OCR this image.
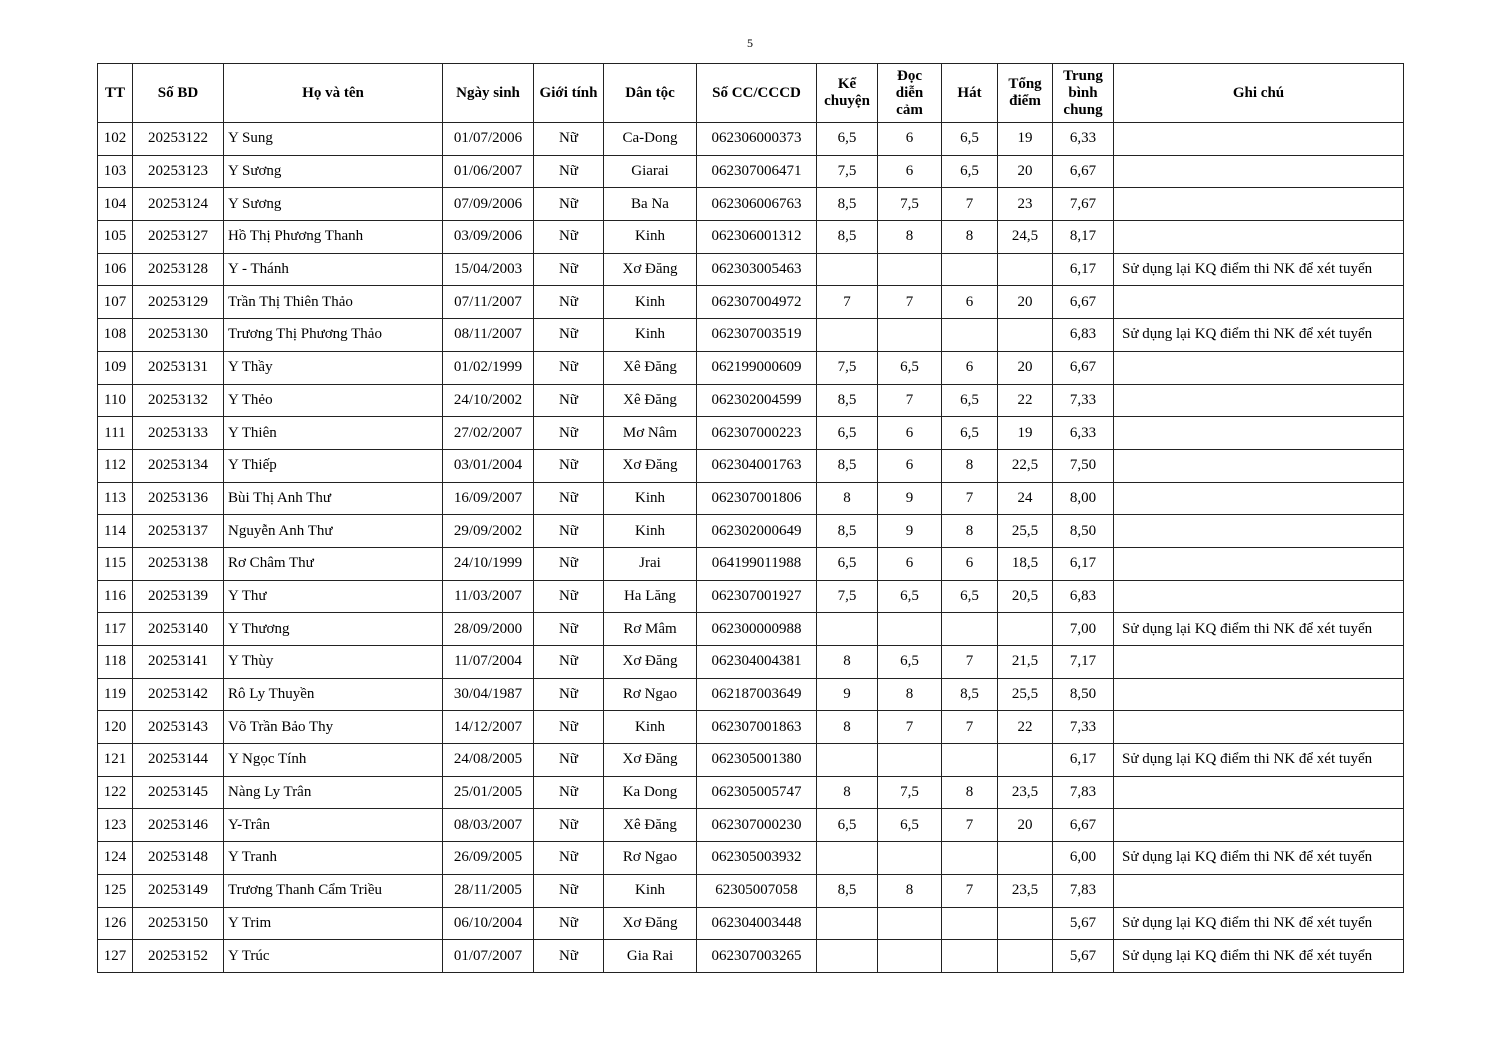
5
TT	Số BD	Họ và tên	Ngày sinh	Giới tính	Dân tộc	Số CC/CCCD	Kể
chuyện	Đọc
diễn
cảm	Hát	Tổng
điểm	Trung
bình
chung	Ghi chú
102	20253122	Y Sung	01/07/2006	Nữ	Ca-Dong	062306000373	6,5	6	6,5	19	6,33	
103	20253123	Y Sương	01/06/2007	Nữ	Giarai	062307006471	7,5	6	6,5	20	6,67	
104	20253124	Y Sương	07/09/2006	Nữ	Ba Na	062306006763	8,5	7,5	7	23	7,67	
105	20253127	Hồ Thị Phương Thanh	03/09/2006	Nữ	Kinh	062306001312	8,5	8	8	24,5	8,17	
106	20253128	Y - Thánh	15/04/2003	Nữ	Xơ Đăng	062303005463					6,17	Sử dụng lại KQ điểm thi NK để xét tuyển
107	20253129	Trần Thị Thiên Thảo	07/11/2007	Nữ	Kinh	062307004972	7	7	6	20	6,67	
108	20253130	Trương Thị Phương Thảo	08/11/2007	Nữ	Kinh	062307003519					6,83	Sử dụng lại KQ điểm thi NK để xét tuyển
109	20253131	Y Thầy	01/02/1999	Nữ	Xê Đăng	062199000609	7,5	6,5	6	20	6,67	
110	20253132	Y Thẻo	24/10/2002	Nữ	Xê Đăng	062302004599	8,5	7	6,5	22	7,33	
111	20253133	Y Thiên	27/02/2007	Nữ	Mơ Nâm	062307000223	6,5	6	6,5	19	6,33	
112	20253134	Y Thiếp	03/01/2004	Nữ	Xơ Đăng	062304001763	8,5	6	8	22,5	7,50	
113	20253136	Bùi Thị Anh Thư	16/09/2007	Nữ	Kinh	062307001806	8	9	7	24	8,00	
114	20253137	Nguyễn Anh Thư	29/09/2002	Nữ	Kinh	062302000649	8,5	9	8	25,5	8,50	
115	20253138	Rơ Châm Thư	24/10/1999	Nữ	Jrai	064199011988	6,5	6	6	18,5	6,17	
116	20253139	Y Thư	11/03/2007	Nữ	Ha Lăng	062307001927	7,5	6,5	6,5	20,5	6,83	
117	20253140	Y Thương	28/09/2000	Nữ	Rơ Mâm	062300000988					7,00	Sử dụng lại KQ điểm thi NK để xét tuyển
118	20253141	Y Thùy	11/07/2004	Nữ	Xơ Đăng	062304004381	8	6,5	7	21,5	7,17	
119	20253142	Rô Ly Thuyền	30/04/1987	Nữ	Rơ Ngao	062187003649	9	8	8,5	25,5	8,50	
120	20253143	Võ Trần Bảo Thy	14/12/2007	Nữ	Kinh	062307001863	8	7	7	22	7,33	
121	20253144	Y Ngọc Tính	24/08/2005	Nữ	Xơ Đăng	062305001380					6,17	Sử dụng lại KQ điểm thi NK để xét tuyển
122	20253145	Nàng Ly Trân	25/01/2005	Nữ	Ka Dong	062305005747	8	7,5	8	23,5	7,83	
123	20253146	Y-Trân	08/03/2007	Nữ	Xê Đăng	062307000230	6,5	6,5	7	20	6,67	
124	20253148	Y Tranh	26/09/2005	Nữ	Rơ Ngao	062305003932					6,00	Sử dụng lại KQ điểm thi NK để xét tuyển
125	20253149	Trương Thanh Cẩm Triều	28/11/2005	Nữ	Kinh	62305007058	8,5	8	7	23,5	7,83	
126	20253150	Y Trim	06/10/2004	Nữ	Xơ Đăng	062304003448					5,67	Sử dụng lại KQ điểm thi NK để xét tuyển
127	20253152	Y Trúc	01/07/2007	Nữ	Gia Rai	062307003265					5,67	Sử dụng lại KQ điểm thi NK để xét tuyển
